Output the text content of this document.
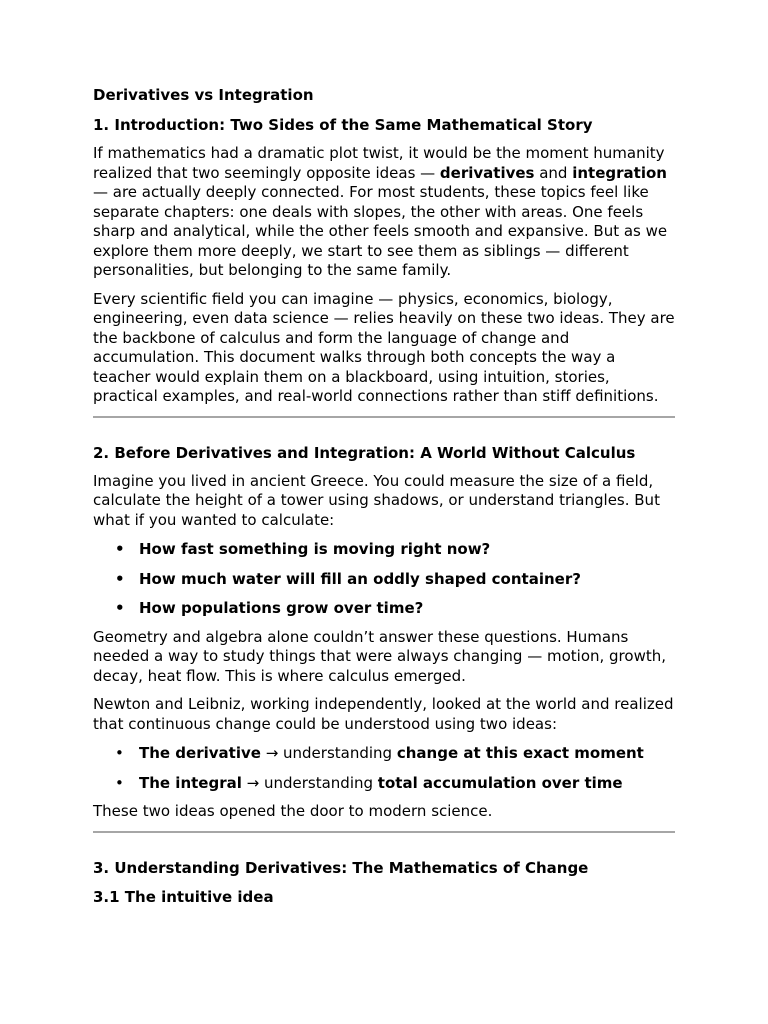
Derivatives vs Integration
1. Introduction: Two Sides of the Same Mathematical Story

If mathematics had a dramatic plot twist, it would be the moment humanity realized that two seemingly opposite ideas — derivatives and integration — are actually deeply connected. For most students, these topics feel like separate chapters: one deals with slopes, the other with areas. One feels sharp and analytical, while the other feels smooth and expansive. But as we explore them more deeply, we start to see them as siblings — different personalities, but belonging to the same family.

Every scientific field you can imagine — physics, economics, biology, engineering, even data science — relies heavily on these two ideas. They are the backbone of calculus and form the language of change and accumulation. This document walks through both concepts the way a teacher would explain them on a blackboard, using intuition, stories, practical examples, and real-world connections rather than stiff definitions.

2. Before Derivatives and Integration: A World Without Calculus

Imagine you lived in ancient Greece. You could measure the size of a field, calculate the height of a tower using shadows, or understand triangles. But what if you wanted to calculate:

• How fast something is moving right now?
• How much water will fill an oddly shaped container?
• How populations grow over time?

Geometry and algebra alone couldn’t answer these questions. Humans needed a way to study things that were always changing — motion, growth, decay, heat flow. This is where calculus emerged.

Newton and Leibniz, working independently, looked at the world and realized that continuous change could be understood using two ideas:

• The derivative → understanding change at this exact moment
• The integral → understanding total accumulation over time

These two ideas opened the door to modern science.

3. Understanding Derivatives: The Mathematics of Change
3.1 The intuitive idea
